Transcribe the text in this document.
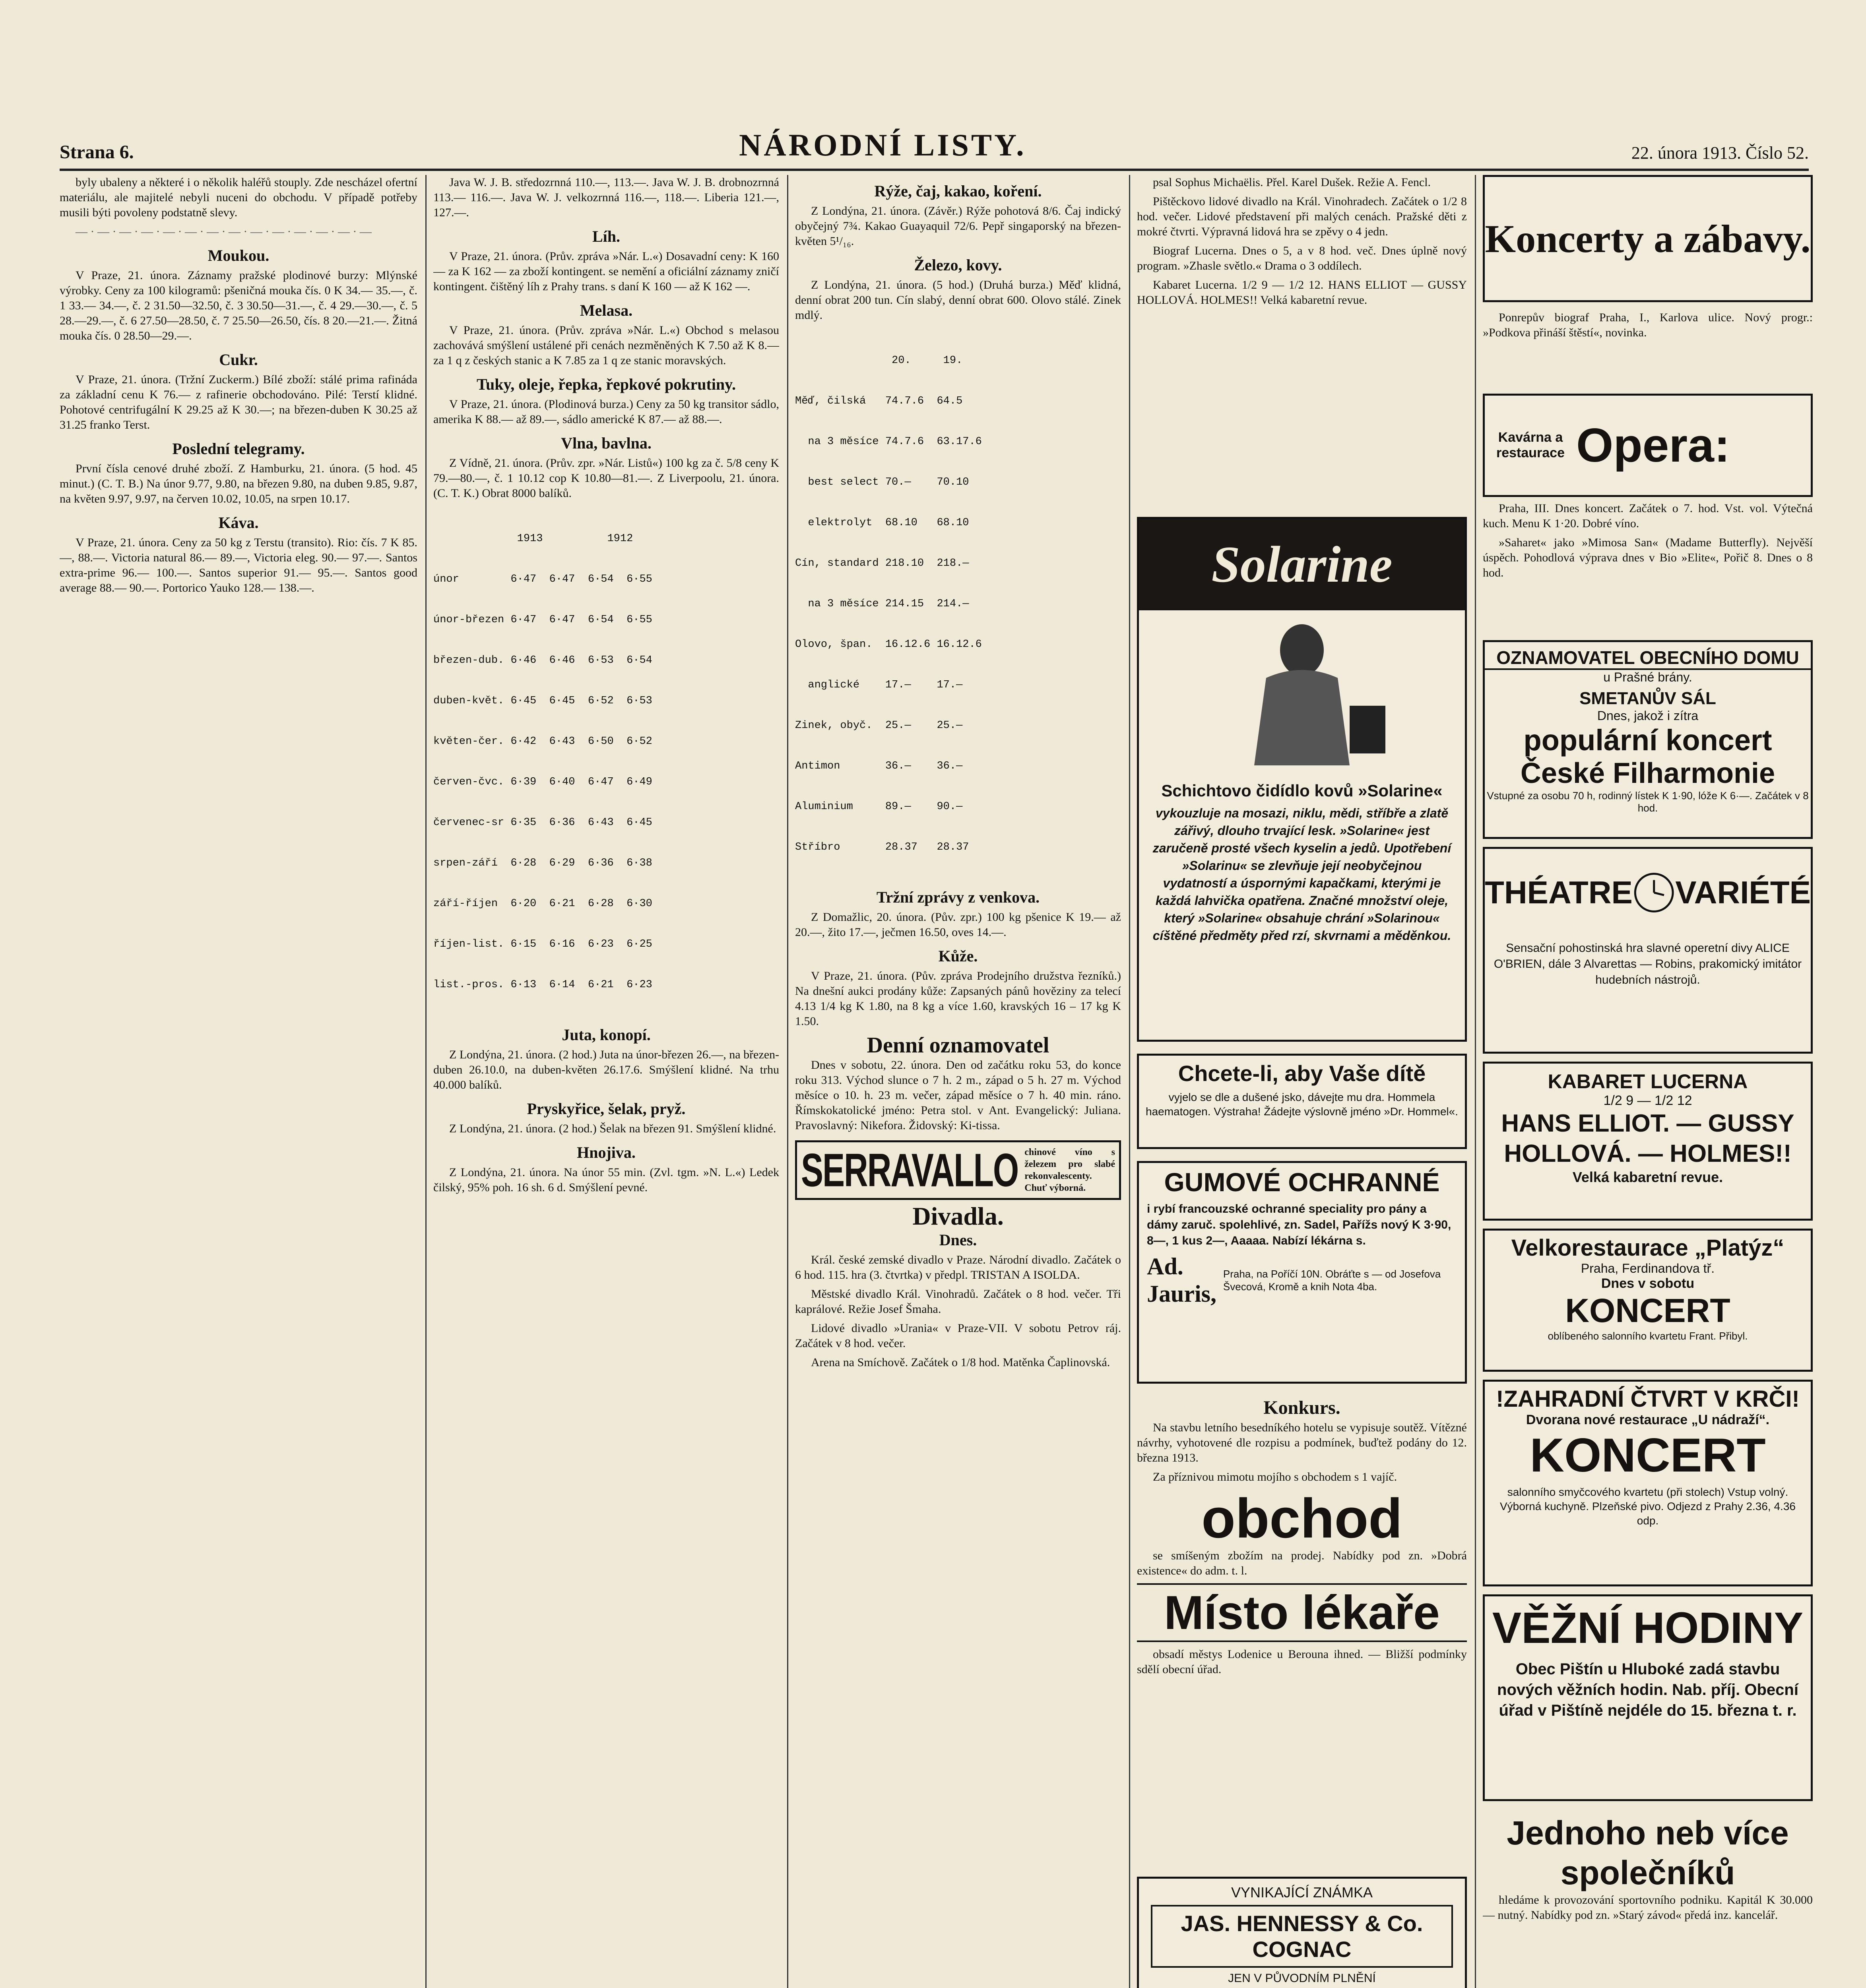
Strana 6.	NÁRODNÍ LISTY.	22. února 1913. Číslo 52.

byly ubaleny a některé i o několik haléřů stouply. Zde nescházel ofertní materiálu, ale majitelé nebyli nuceni do obchodu. V případě potřeby musili býti povoleny podstatně slevy.

— · — · — · — · — · — · — · — · — · — · — · — · — · —

Moukou.

V Praze, 21. února. Záznamy pražské plodinové burzy: Mlýnské výrobky. Ceny za 100 kilogramů: pšeničná mouka čís. 0 K 34.— 35.—, č. 1 33.— 34.—, č. 2 31.50—32.50, č. 3 30.50—31.—, č. 4 29.—30.—, č. 5 28.—29.—, č. 6 27.50—28.50, č. 7 25.50—26.50, čís. 8 20.—21.—. Žitná mouka čís. 0 28.50—29.—.

Cukr.

V Praze, 21. února. (Tržní Zuckerm.) Bílé zboží: stálé prima rafináda za základní cenu K 76.— z rafinerie obchodováno. Pilé: Terstí klidné. Pohotové centrifugální K 29.25 až K 30.—; na březen-duben K 30.25 až 31.25 franko Terst.

Poslední telegramy.

První čísla cenové druhé zboží. Z Hamburku, 21. února. (5 hod. 45 minut.) (C. T. B.) Na únor 9.77, 9.80, na březen 9.80, na duben 9.85, 9.87, na květen 9.97, 9.97, na červen 10.02, 10.05, na srpen 10.17.

Káva.

V Praze, 21. února. Ceny za 50 kg z Terstu (transito). Rio: čís. 7 K 85.—, 88.—. Victoria natural 86.— 89.—, Victoria eleg. 90.— 97.—. Santos extra-prime 96.— 100.—. Santos superior 91.— 95.—. Santos good average 88.— 90.—. Portorico Yauko 128.— 138.—.

Java W. J. B. středozrnná 110.—, 113.—. Java W. J. B. drobnozrnná 113.— 116.—. Java W. J. velkozrnná 116.—, 118.—. Liberia 121.—, 127.—.

Líh.

V Praze, 21. února. (Prův. zpráva »Nár. L.«) Dosavadní ceny: K 160 — za K 162 — za zboží kontingent. se nemění a oficiální záznamy zničí kontingent. čištěný líh z Prahy trans. s daní K 160 — až K 162 —.

Melasa.

V Praze, 21. února. (Prův. zpráva »Nár. L.«) Obchod s melasou zachovává smýšlení ustálené při cenách nezměněných K 7.50 až K 8.— za 1 q z českých stanic a K 7.85 za 1 q ze stanic moravských.

Tuky, oleje, řepka, řepkové pokrutiny.

V Praze, 21. února. (Plodinová burza.) Ceny za 50 kg transitor sádlo, amerika K 88.— až 89.—, sádlo americké K 87.— až 88.—.

Vlna, bavlna.

Z Vídně, 21. února. (Prův. zpr. »Nár. Listů«) 100 kg za č. 5/8 ceny K 79.—80.—, č. 1 10.12 cop K 10.80—81.—. Z Liverpoolu, 21. února. (C. T. K.) Obrat 8000 balíků.

1913          1912

únor        6·47  6·47  6·54  6·55

únor-březen 6·47  6·47  6·54  6·55

březen-dub. 6·46  6·46  6·53  6·54

duben-květ. 6·45  6·45  6·52  6·53

květen-čer. 6·42  6·43  6·50  6·52

červen-čvc. 6·39  6·40  6·47  6·49

červenec-sr 6·35  6·36  6·43  6·45

srpen-září  6·28  6·29  6·36  6·38

září-říjen  6·20  6·21  6·28  6·30

říjen-list. 6·15  6·16  6·23  6·25

list.-pros. 6·13  6·14  6·21  6·23

Juta, konopí.

Z Londýna, 21. února. (2 hod.) Juta na únor-březen 26.—, na březen-duben 26.10.0, na duben-květen 26.17.6. Smýšlení klidné. Na trhu 40.000 balíků.

Pryskyřice, šelak, pryž.

Z Londýna, 21. února. (2 hod.) Šelak na březen 91. Smýšlení klidné.

Hnojiva.

Z Londýna, 21. února. Na únor 55 min. (Zvl. tgm. »N. L.«) Ledek čilský, 95% poh. 16 sh. 6 d. Smýšlení pevné.

Rýže, čaj, kakao, koření.

Z Londýna, 21. února. (Závěr.) Rýže pohotová 8/6. Čaj indický obyčejný 7¾. Kakao Guayaquil 72/6. Pepř singaporský na březen-květen 5¹/₁₆.

Železo, kovy.

Z Londýna, 21. února. (5 hod.) (Druhá burza.) Měď klidná, denní obrat 200 tun. Cín slabý, denní obrat 600. Olovo stálé. Zinek mdlý.

20.     19.

Měď, čilská   74.7.6  64.5

na 3 měsíce 74.7.6  63.17.6

best select 70.—    70.10

elektrolyt  68.10   68.10

Cín, standard 218.10  218.—

na 3 měsíce 214.15  214.—

Olovo, špan.  16.12.6 16.12.6

anglické    17.—    17.—

Zinek, obyč.  25.—    25.—

Antimon       36.—    36.—

Aluminium     89.—    90.—

Stříbro       28.37   28.37

Tržní zprávy z venkova.

Z Domažlic, 20. února. (Pův. zpr.) 100 kg pšenice K 19.— až 20.—, žito 17.—, ječmen 16.50, oves 14.—.

Kůže.

V Praze, 21. února. (Pův. zpráva Prodejního družstva řezníků.) Na dnešní aukci prodány kůže: Zapsaných pánů hověziny za telecí 4.13 1/4 kg K 1.80, na 8 kg a více 1.60, kravských 16 – 17 kg K 1.50.

Denní oznamovatel

Dnes v sobotu, 22. února. Den od začátku roku 53, do konce roku 313. Východ slunce o 7 h. 2 m., západ o 5 h. 27 m. Východ měsíce o 10. h. 23 m. večer, západ měsíce o 7 h. 40 min. ráno. Římskokatolické jméno: Petra stol. v Ant. Evangelický: Juliana. Pravoslavný: Nikefora. Židovský: Ki-tissa.

SERRAVALLO chinové víno s železem pro slabé rekonvalescenty. Chuť výborná.
Divadla.
Dnes.

Král. české zemské divadlo v Praze. Národní divadlo. Začátek o 6 hod. 115. hra (3. čtvrtka) v předpl. TRISTAN A ISOLDA.

Městské divadlo Král. Vinohradů. Začátek o 8 hod. večer. Tři kaprálové. Režie Josef Šmaha.

Lidové divadlo »Urania« v Praze-VII. V sobotu Petrov ráj. Začátek v 8 hod. večer.

Arena na Smíchově. Začátek o 1/8 hod. Matěnka Čaplinovská.

psal Sophus Michaëlis. Přel. Karel Dušek. Režie A. Fencl.

Pištěckovo lidové divadlo na Král. Vinohradech. Začátek o 1/2 8 hod. večer. Lidové představení při malých cenách. Pražské děti z mokré čtvrti. Výpravná lidová hra se zpěvy o 4 jedn.

Biograf Lucerna. Dnes o 5, a v 8 hod. več. Dnes úplně nový program. »Zhasle světlo.« Drama o 3 oddílech.

Kabaret Lucerna. 1/2 9 — 1/2 12. HANS ELLIOT — GUSSY HOLLOVÁ. HOLMES!! Velká kabaretní revue.

Solarine
Schichtovo čidídlo kovů »Solarine«
vykouzluje na mosazi, niklu, mědi, stříbře a zlatě zářivý, dlouho trvající lesk. »Solarine« jest zaručeně prosté všech kyselin a jedů. Upotřebení »Solarinu« se zlevňuje její neobyčejnou vydatností a úspornými kapačkami, kterými je každá lahvička opatřena. Značné množství oleje, který »Solarine« obsahuje chrání »Solarinou« cíštěné předměty před rzí, skvrnami a měděnkou.
Chcete-li, aby Vaše dítě
vyjelo se dle a dušené jsko, dávejte mu dra. Hommela haematogen. Výstraha! Žádejte výslovně jméno »Dr. Hommel«.
GUMOVÉ OCHRANNÉ
i rybí francouzské ochranné speciality pro pány a dámy zaruč. spolehlivé, zn. Sadel, Pařížs nový K 3·90, 8—, 1 kus 2—, Aaaaa. Nabízí lékárna s.
Ad. Jauris,
Praha, na Poříčí 10N. Obráťte s — od Josefova Švecová, Kromě a knih Nota 4ba.
Konkurs.

Na stavbu letního besedníkého hotelu se vypisuje soutěž. Vítězné návrhy, vyhotovené dle rozpisu a podmínek, buďtež podány do 12. března 1913.

Za příznivou mimotu mojího s obchodem s 1 vajíč.

obchod

se smíšeným zbožím na prodej. Nabídky pod zn. »Dobrá existence« do adm. t. l.

Místo lékaře

obsadí městys Lodenice u Berouna ihned. — Bližší podmínky sdělí obecní úřad.

VYNIKAJÍCÍ ZNÁMKA
JAS. HENNESSY & Co. COGNAC
JEN V PŮVODNÍM PLNĚNÍ
Koncerty a zábavy.

Ponrepův biograf Praha, I., Karlova ulice. Nový progr.: »Podkova přináší štěstí«, novinka.

Kavárna a restaurace Opera:

Praha, III. Dnes koncert. Začátek o 7. hod. Vst. vol. Výtečná kuch. Menu K 1·20. Dobré víno.

»Saharet« jako »Mimosa San« (Madame Butterfly). Nejvěší úspěch. Pohodlová výprava dnes v Bio »Elite«, Pořič 8. Dnes o 8 hod.

OZNAMOVATEL OBECNÍHO DOMU
u Prašné brány.
SMETANŮV SÁL
Dnes, jakož i zítra
populární koncert
České Filharmonie
Vstupné za osobu 70 h, rodinný lístek K 1·90, lóže K 6·—. Začátek v 8 hod.
THÉATRE VARIÉTÉ
Sensační pohostinská hra slavné operetní divy ALICE O'BRIEN, dále 3 Alvarettas — Robins, prakomický imitátor hudebních nástrojů.
KABARET LUCERNA
1/2 9 — 1/2 12
HANS ELLIOT. — GUSSY HOLLOVÁ. — HOLMES!!
Velká kabaretní revue.
Velkorestaurace „Platýz“
Praha, Ferdinandova tř.
Dnes v sobotu
KONCERT
oblíbeného salonního kvartetu Frant. Přibyl.
!ZAHRADNÍ ČTVRT V KRČI!
Dvorana nové restaurace „U nádraží“.
KONCERT
salonního smyčcového kvartetu (při stolech) Vstup volný. Výborná kuchyně. Plzeňské pivo. Odjezd z Prahy 2.36, 4.36 odp.
VĚŽNÍ HODINY
Obec Pištín u Hluboké zadá stavbu nových věžních hodin. Nab. příj. Obecní úřad v Pištíně nejdéle do 15. března t. r.
Jednoho neb více společníků

hledáme k provozování sportovního podniku. Kapitál K 30.000 — nutný. Nabídky pod zn. »Starý závod« předá inz. kancelář.
